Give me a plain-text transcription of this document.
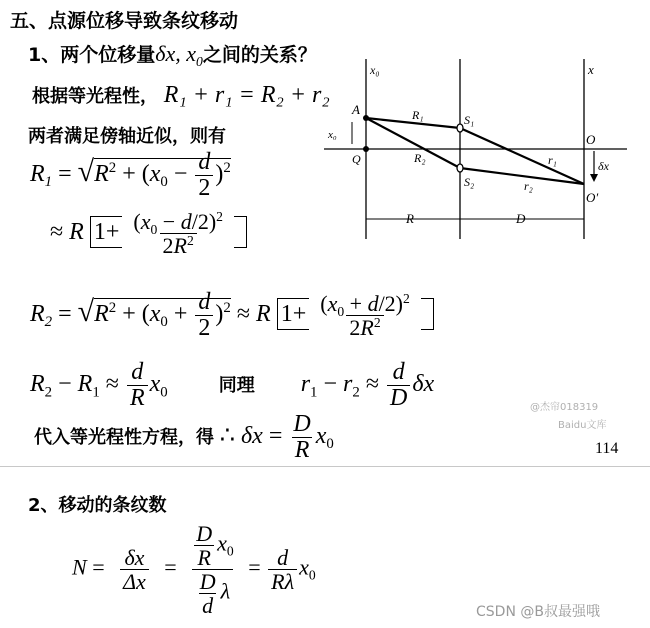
五、点源位移导致条纹移动
1、两个位移量δx, $x_0$之间的关系？
根据等光程性， R₁ + r₁ = R₂ + r₂
两者满足傍轴近似，则有
$R_1 = √R^2 + (x_0 - \frac{d}{2} )^2$
≈ R $1+ \frac{(x_0 - d/2)^2}{2R^2}$

$R_2 = √R^2 + (x_0 + \frac{d}{2} )^2 \approx R$ $1+ \frac{(x_0 + d/2)^2}{2R^2}$

$R_2 - R_1 \approx \frac{d}{R} x_0$	同理 $r_1 - r_2 \approx \frac{d}{D}$ δx
代入等光程性方程，得 ∴ $\delta x = \frac{D}{R} x_0$
x₀	x
A
Q
x₀
R₁
R₂
S₁
S₂
r₁
r₂
O
O′
δx
R	D
@杰帘018319
Baidu文库
114
2、移动的条纹数
$N = \frac{\delta x}{\Delta x} = \frac{\frac{D}{R} x_0}{\frac{D}{d} \lambda} = \frac{d}{R\lambda} x_0$
CSDN @B叔最强哦
